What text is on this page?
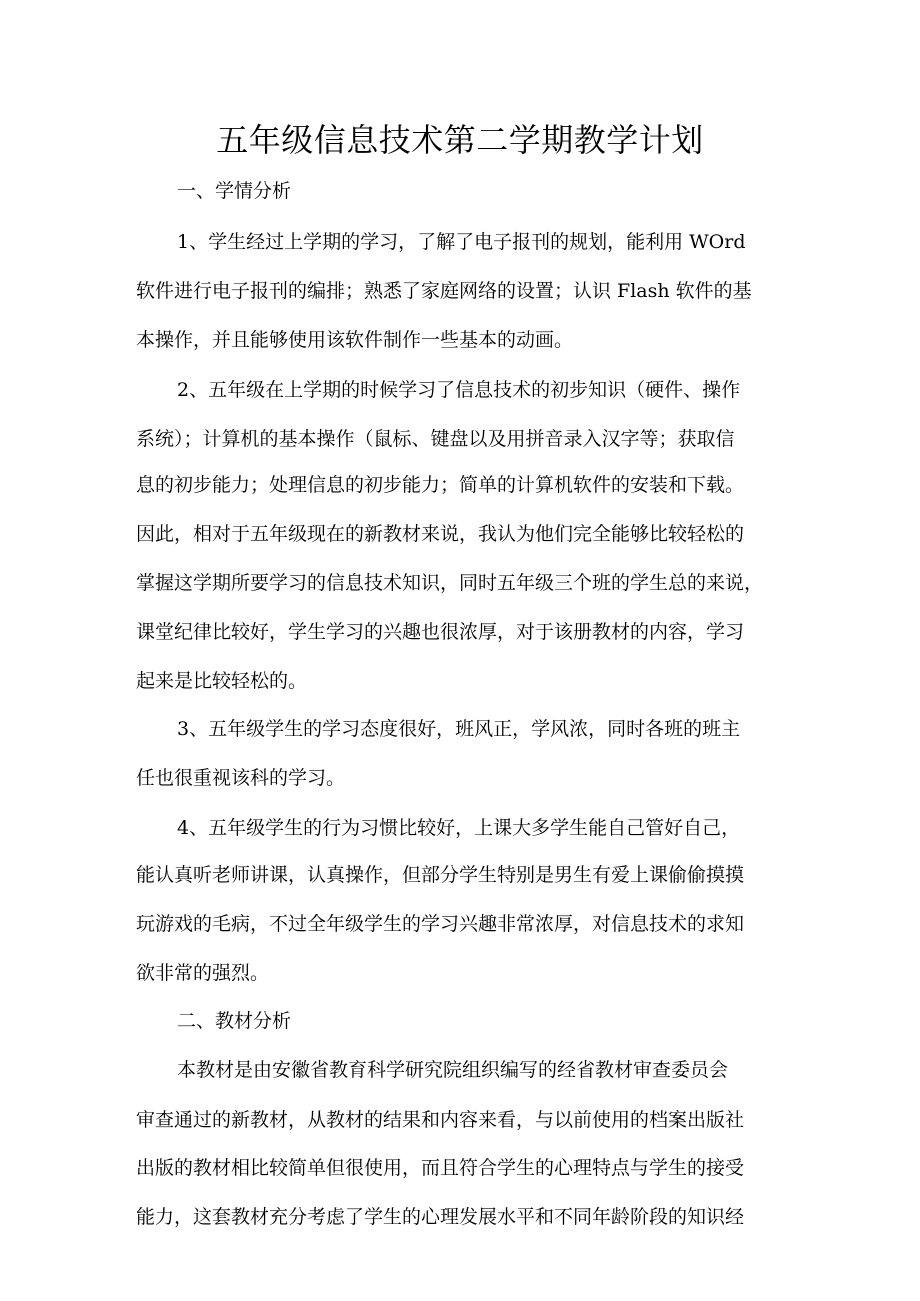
五年级信息技术第二学期教学计划

一、学情分析

1、学生经过上学期的学习，了解了电子报刊的规划，能利用 WOrd

软件进行电子报刊的编排；熟悉了家庭网络的设置；认识 Flash 软件的基

本操作，并且能够使用该软件制作一些基本的动画。

2、五年级在上学期的时候学习了信息技术的初步知识（硬件、操作

系统）；计算机的基本操作（鼠标、键盘以及用拼音录入汉字等；获取信

息的初步能力；处理信息的初步能力；简单的计算机软件的安装和下载。

因此，相对于五年级现在的新教材来说，我认为他们完全能够比较轻松的

掌握这学期所要学习的信息技术知识，同时五年级三个班的学生总的来说，

课堂纪律比较好，学生学习的兴趣也很浓厚，对于该册教材的内容，学习

起来是比较轻松的。

3、五年级学生的学习态度很好，班风正，学风浓，同时各班的班主

任也很重视该科的学习。

4、五年级学生的行为习惯比较好，上课大多学生能自己管好自己，

能认真听老师讲课，认真操作，但部分学生特别是男生有爱上课偷偷摸摸

玩游戏的毛病，不过全年级学生的学习兴趣非常浓厚，对信息技术的求知

欲非常的强烈。

二、教材分析

本教材是由安徽省教育科学研究院组织编写的经省教材审查委员会

审查通过的新教材，从教材的结果和内容来看，与以前使用的档案出版社

出版的教材相比较简单但很使用，而且符合学生的心理特点与学生的接受

能力，这套教材充分考虑了学生的心理发展水平和不同年龄阶段的知识经
